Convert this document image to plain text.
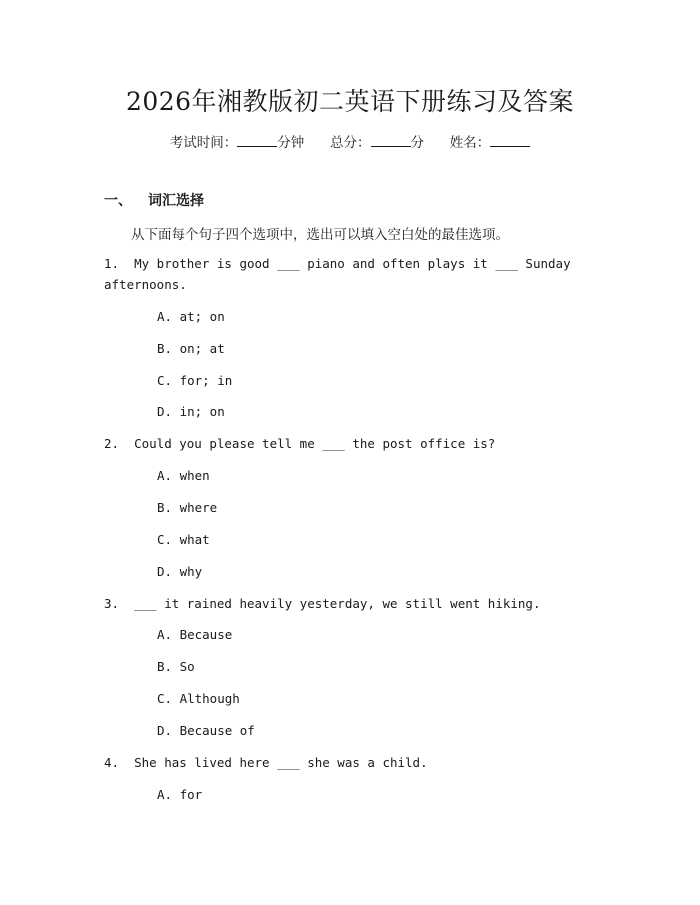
2026年湘教版初二英语下册练习及答案
考试时间：	分钟 总分：	分 姓名：
一、 词汇选择
从下面每个句子四个选项中，选出可以填入空白处的最佳选项。
1.  My brother is good ___ piano and often plays it ___ Sunday afternoons.
A. at; on
B. on; at
C. for; in
D. in; on
2.  Could you please tell me ___ the post office is?
A. when
B. where
C. what
D. why
3.  ___ it rained heavily yesterday, we still went hiking.
A. Because
B. So
C. Although
D. Because of
4.  She has lived here ___ she was a child.
A. for
